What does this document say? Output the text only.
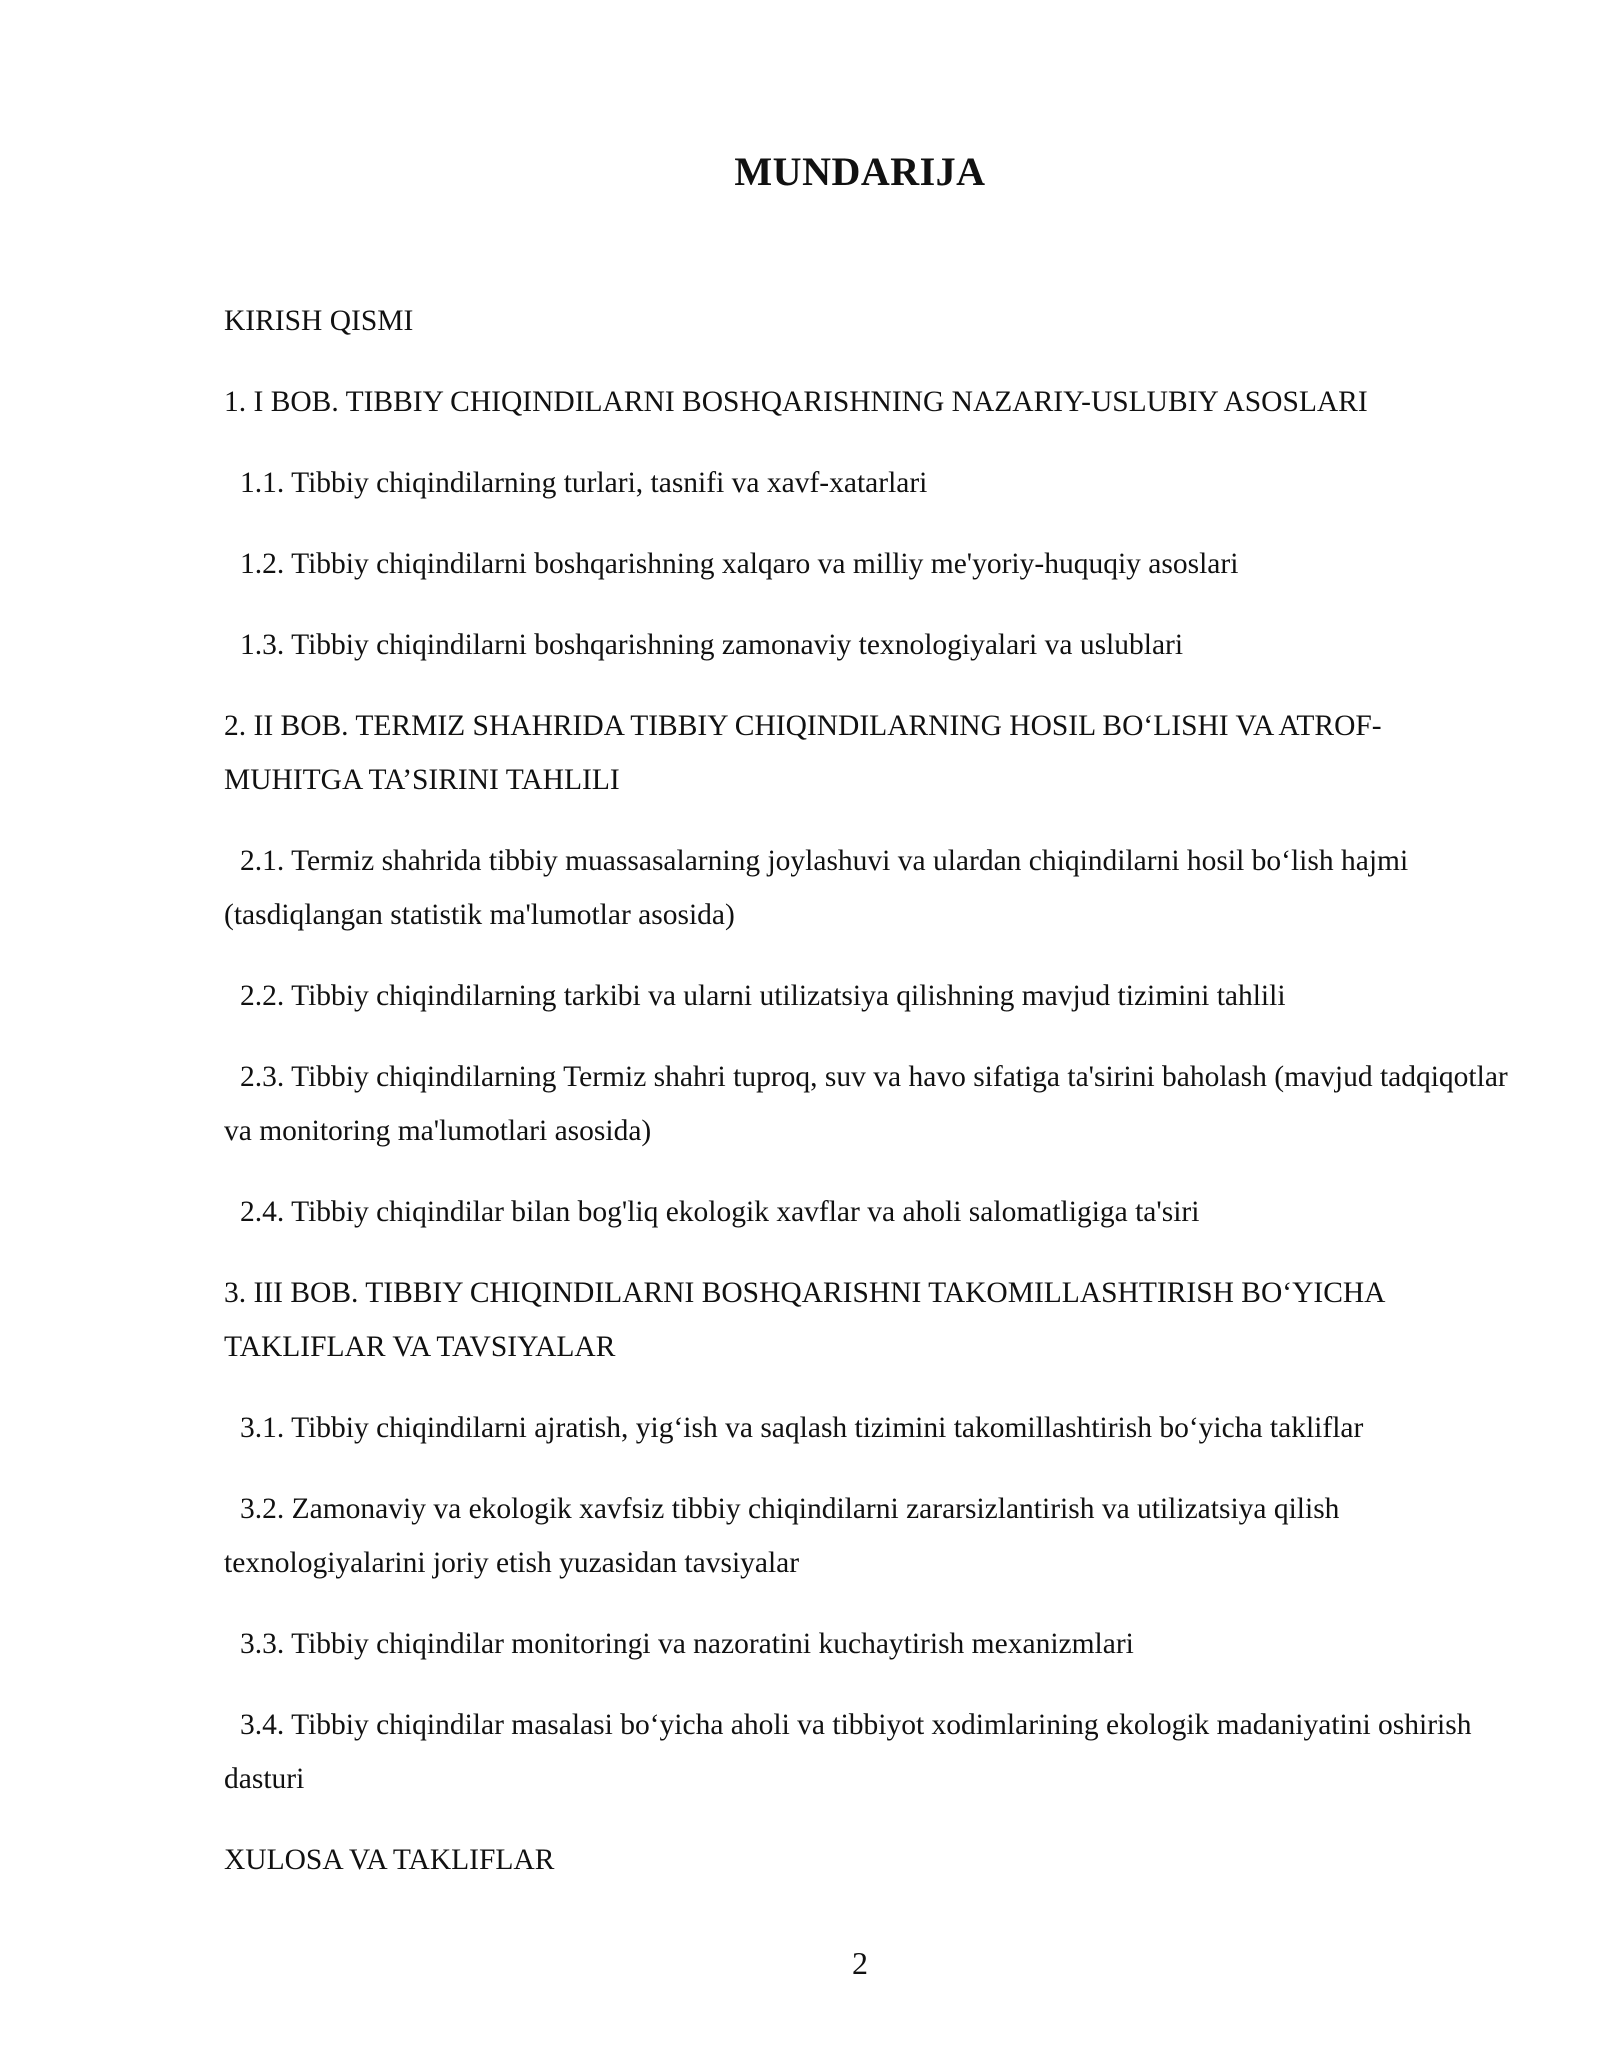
MUNDARIJA

KIRISH QISMI

1. I BOB. TIBBIY CHIQINDILARNI BOSHQARISHNING NAZARIY-USLUBIY ASOSLARI

1.1. Tibbiy chiqindilarning turlari, tasnifi va xavf-xatarlari

1.2. Tibbiy chiqindilarni boshqarishning xalqaro va milliy me'yoriy-huquqiy asoslari

1.3. Tibbiy chiqindilarni boshqarishning zamonaviy texnologiyalari va uslublari

2. II BOB. TERMIZ SHAHRIDA TIBBIY CHIQINDILARNING HOSIL BO‘LISHI VA ATROF-MUHITGA TA’SIRINI TAHLILI

2.1. Termiz shahrida tibbiy muassasalarning joylashuvi va ulardan chiqindilarni hosil bo‘lish hajmi (tasdiqlangan statistik ma'lumotlar asosida)

2.2. Tibbiy chiqindilarning tarkibi va ularni utilizatsiya qilishning mavjud tizimini tahlili

2.3. Tibbiy chiqindilarning Termiz shahri tuproq, suv va havo sifatiga ta'sirini baholash (mavjud tadqiqotlar va monitoring ma'lumotlari asosida)

2.4. Tibbiy chiqindilar bilan bog'liq ekologik xavflar va aholi salomatligiga ta'siri

3. III BOB. TIBBIY CHIQINDILARNI BOSHQARISHNI TAKOMILLASHTIRISH BO‘YICHA TAKLIFLAR VA TAVSIYALAR

3.1. Tibbiy chiqindilarni ajratish, yig‘ish va saqlash tizimini takomillashtirish bo‘yicha takliflar

3.2. Zamonaviy va ekologik xavfsiz tibbiy chiqindilarni zararsizlantirish va utilizatsiya qilish texnologiyalarini joriy etish yuzasidan tavsiyalar

3.3. Tibbiy chiqindilar monitoringi va nazoratini kuchaytirish mexanizmlari

3.4. Tibbiy chiqindilar masalasi bo‘yicha aholi va tibbiyot xodimlarining ekologik madaniyatini oshirish dasturi

XULOSA VA TAKLIFLAR

2
